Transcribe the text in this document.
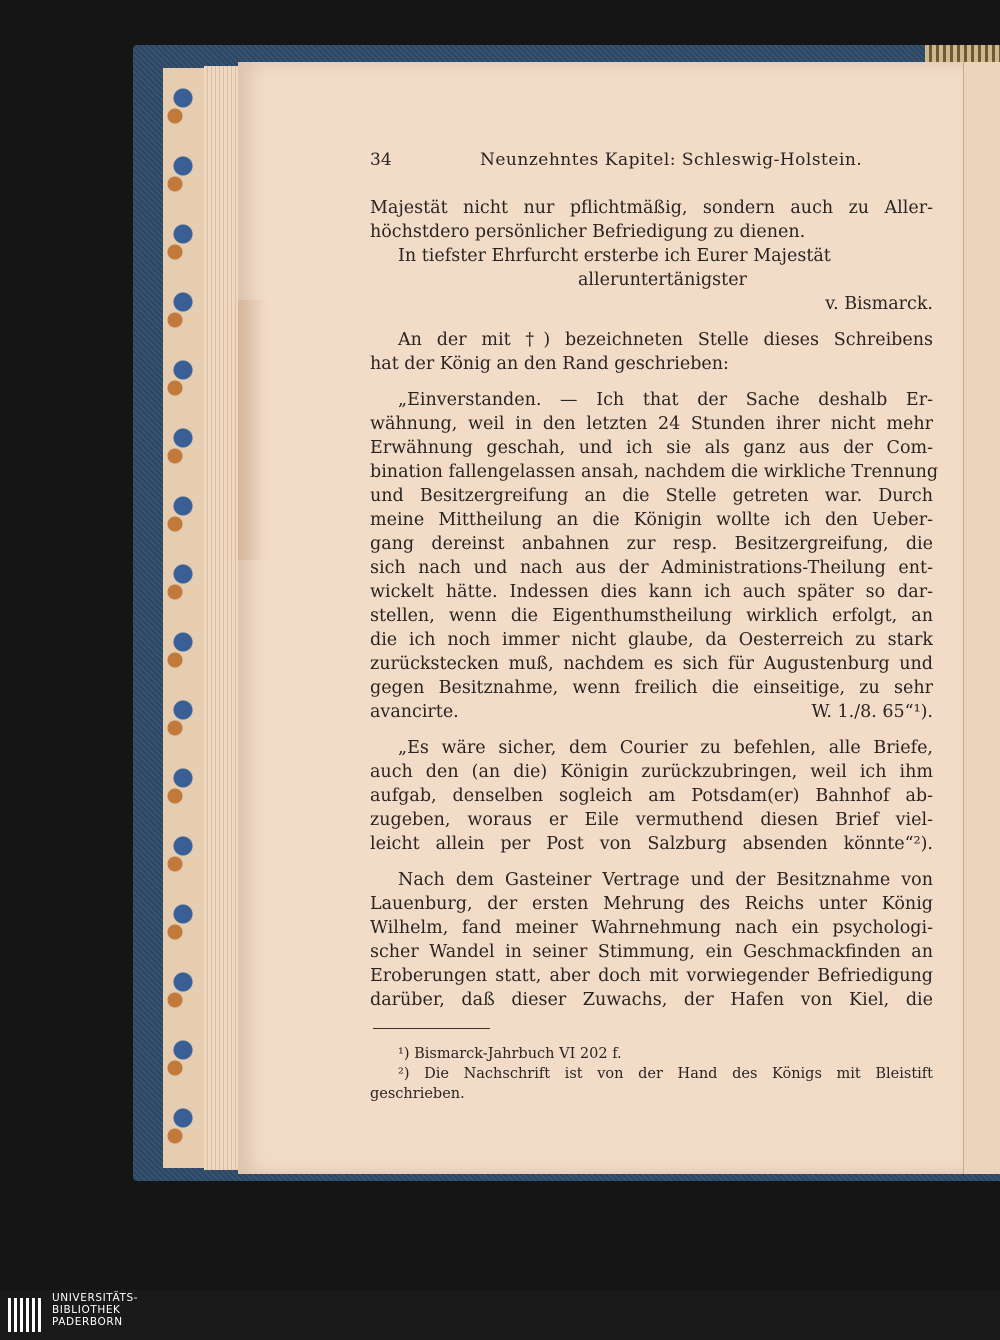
34	Neunzehntes Kapitel: Schleswig-Holstein.
Majestät nicht nur pflichtmäßig, sondern auch zu Aller-
höchstdero persönlicher Befriedigung zu dienen.
In tiefster Ehrfurcht ersterbe ich Eurer Majestät
alleruntertänigster
v. Bismarck.
An der mit †) bezeichneten Stelle dieses Schreibens
hat der König an den Rand geschrieben:
„Einverstanden. — Ich that der Sache deshalb Er-
wähnung, weil in den letzten 24 Stunden ihrer nicht mehr
Erwähnung geschah, und ich sie als ganz aus der Com-
bination fallengelassen ansah, nachdem die wirkliche Trennung
und Besitzergreifung an die Stelle getreten war. Durch
meine Mittheilung an die Königin wollte ich den Ueber-
gang dereinst anbahnen zur resp. Besitzergreifung, die
sich nach und nach aus der Administrations-Theilung ent-
wickelt hätte. Indessen dies kann ich auch später so dar-
stellen, wenn die Eigenthumstheilung wirklich erfolgt, an
die ich noch immer nicht glaube, da Oesterreich zu stark
zurückstecken muß, nachdem es sich für Augustenburg und
gegen Besitznahme, wenn freilich die einseitige, zu sehr
avancirte.	W. 1./8. 65“¹).
„Es wäre sicher, dem Courier zu befehlen, alle Briefe,
auch den (an die) Königin zurückzubringen, weil ich ihm
aufgab, denselben sogleich am Potsdam(er) Bahnhof ab-
zugeben, woraus er Eile vermuthend diesen Brief viel-
leicht allein per Post von Salzburg absenden könnte“²).
Nach dem Gasteiner Vertrage und der Besitznahme von
Lauenburg, der ersten Mehrung des Reichs unter König
Wilhelm, fand meiner Wahrnehmung nach ein psychologi-
scher Wandel in seiner Stimmung, ein Geschmackfinden an
Eroberungen statt, aber doch mit vorwiegender Befriedigung
darüber, daß dieser Zuwachs, der Hafen von Kiel, die
¹) Bismarck-Jahrbuch VI 202 f.
²) Die Nachschrift ist von der Hand des Königs mit Bleistift
geschrieben.
UNIVERSITÄTS-
BIBLIOTHEK
PADERBORN
